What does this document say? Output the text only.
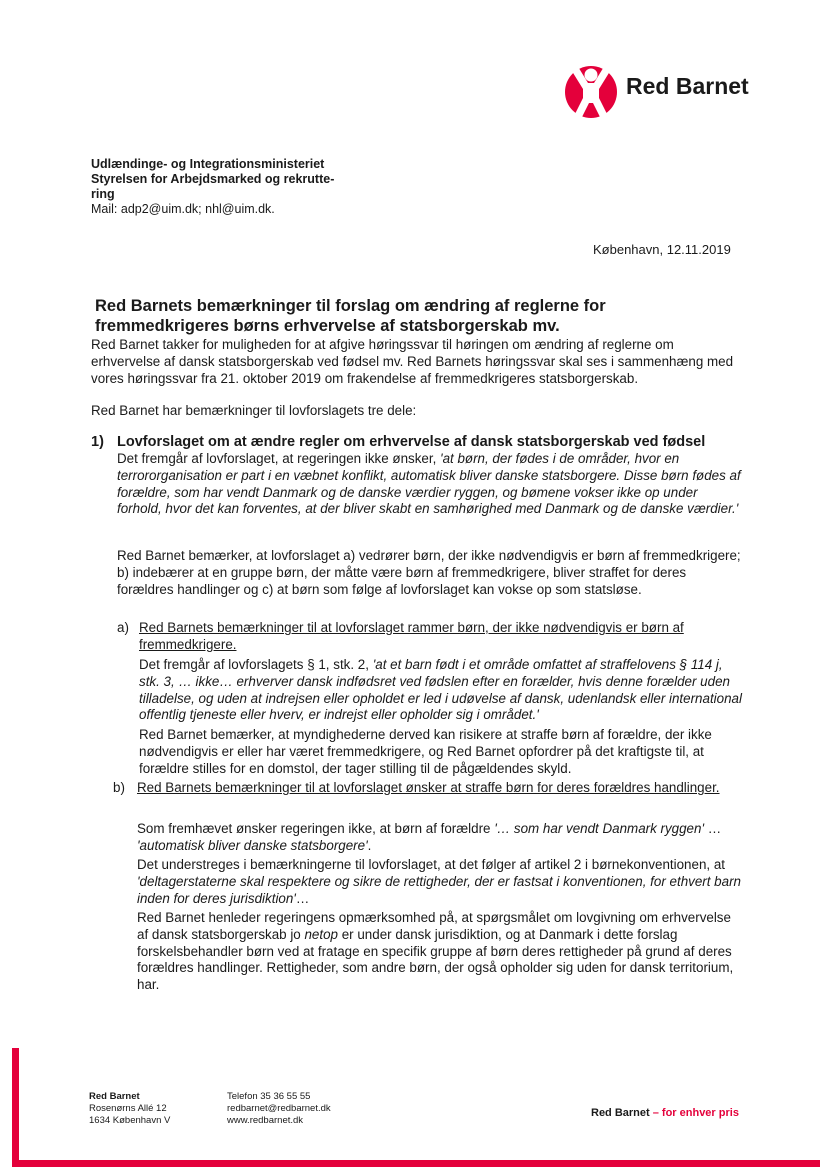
Red Barnet
Udlændinge- og Integrationsministeriet
Styrelsen for Arbejdsmarked og rekrutte-
ring
Mail: adp2@uim.dk; nhl@uim.dk.
København, 12.11.2019
Red Barnets bemærkninger til forslag om ændring af reglerne for fremmedkrigeres børns erhvervelse af statsborgerskab mv.
Red Barnet takker for muligheden for at afgive høringssvar til høringen om ændring af reglerne om erhvervelse af dansk statsborgerskab ved fødsel mv. Red Barnets høringssvar skal ses i sammenhæng med vores høringssvar fra 21. oktober 2019 om frakendelse af fremmedkrigeres statsborgerskab.
Red Barnet har bemærkninger til lovforslagets tre dele:
1) Lovforslaget om at ændre regler om erhvervelse af dansk statsborgerskab ved fødsel
Det fremgår af lovforslaget, at regeringen ikke ønsker, 'at børn, der fødes i de områder, hvor en terrororganisation er part i en væbnet konflikt, automatisk bliver danske statsborgere. Disse børn fødes af forældre, som har vendt Danmark og de danske værdier ryggen, og bømene vokser ikke op under forhold, hvor det kan forventes, at der bliver skabt en samhørighed med Danmark og de danske værdier.'
Red Barnet bemærker, at lovforslaget a) vedrører børn, der ikke nødvendigvis er børn af fremmedkrigere; b) indebærer at en gruppe børn, der måtte være børn af fremmedkrigere, bliver straffet for deres forældres handlinger og c) at børn som følge af lovforslaget kan vokse op som statsløse.
a) Red Barnets bemærkninger til at lovforslaget rammer børn, der ikke nødvendigvis er børn af fremmedkrigere.
Det fremgår af lovforslagets § 1, stk. 2, 'at et barn født i et område omfattet af straffelovens § 114 j, stk. 3, … ikke… erhverver dansk indfødsret ved fødslen efter en forælder, hvis denne forælder uden tilladelse, og uden at indrejsen eller opholdet er led i udøvelse af dansk, udenlandsk eller international offentlig tjeneste eller hverv, er indrejst eller opholder sig i området.'
Red Barnet bemærker, at myndighederne derved kan risikere at straffe børn af forældre, der ikke nødvendigvis er eller har været fremmedkrigere, og Red Barnet opfordrer på det kraftigste til, at forældre stilles for en domstol, der tager stilling til de pågældendes skyld.
b) Red Barnets bemærkninger til at lovforslaget ønsker at straffe børn for deres forældres handlinger.
Som fremhævet ønsker regeringen ikke, at børn af forældre '… som har vendt Danmark ryggen' … 'automatisk bliver danske statsborgere'.
Det understreges i bemærkningerne til lovforslaget, at det følger af artikel 2 i børnekonventionen, at 'deltagerstaterne skal respektere og sikre de rettigheder, der er fastsat i konventionen, for ethvert barn inden for deres jurisdiktion'…
Red Barnet henleder regeringens opmærksomhed på, at spørgsmålet om lovgivning om erhvervelse af dansk statsborgerskab jo netop er under dansk jurisdiktion, og at Danmark i dette forslag forskelsbehandler børn ved at fratage en specifik gruppe af børn deres rettigheder på grund af deres forældres handlinger. Rettigheder, som andre børn, der også opholder sig uden for dansk territorium, har.
Red Barnet
Rosenørns Allé 12
1634 København V
Telefon 35 36 55 55
redbarnet@redbarnet.dk
www.redbarnet.dk
Red Barnet – for enhver pris
